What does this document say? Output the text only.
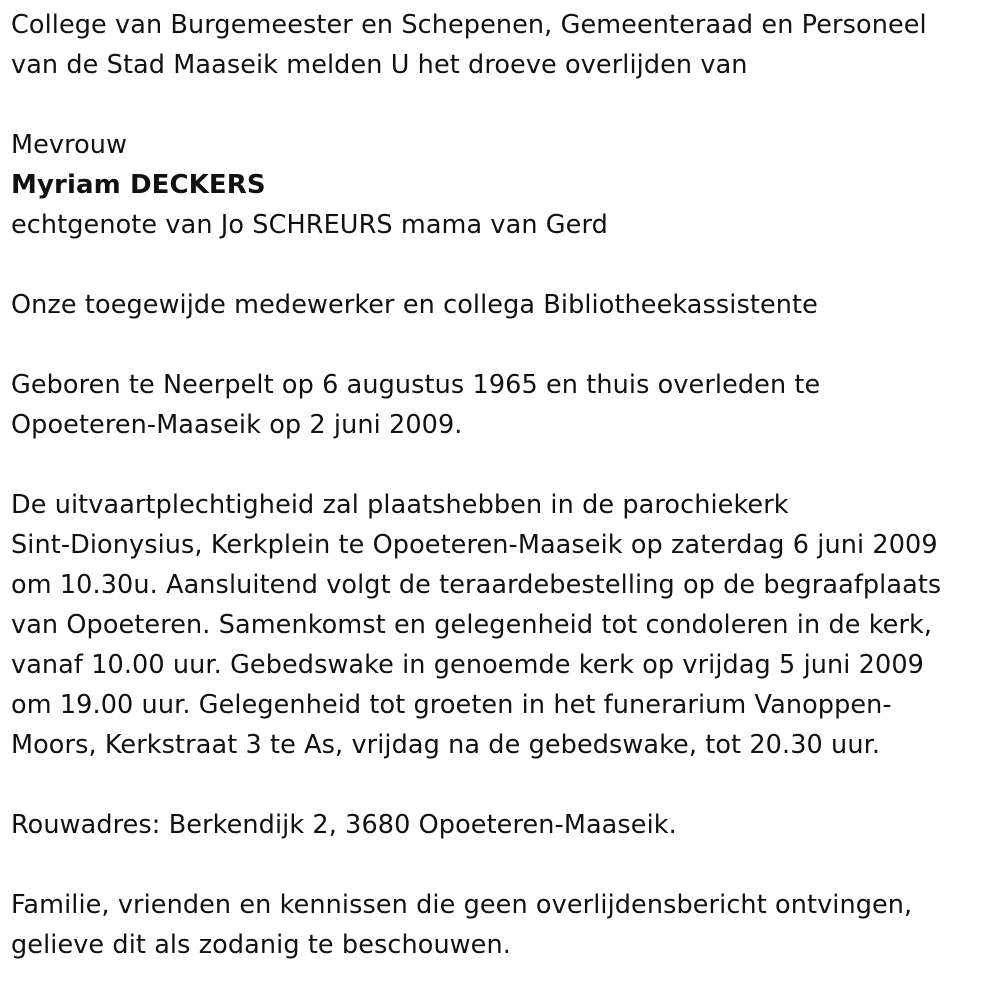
College van Burgemeester en Schepenen, Gemeenteraad en Personeel
van de Stad Maaseik melden U het droeve overlijden van
Mevrouw
Myriam DECKERS
echtgenote van Jo SCHREURS mama van Gerd
Onze toegewijde medewerker en collega Bibliotheekassistente
Geboren te Neerpelt op 6 augustus 1965 en thuis overleden te
Opoeteren-Maaseik op 2 juni 2009.
De uitvaartplechtigheid zal plaatshebben in de parochiekerk
Sint-Dionysius, Kerkplein te Opoeteren-Maaseik op zaterdag 6 juni 2009
om 10.30u. Aansluitend volgt de teraardebestelling op de begraafplaats
van Opoeteren. Samenkomst en gelegenheid tot condoleren in de kerk,
vanaf 10.00 uur. Gebedswake in genoemde kerk op vrijdag 5 juni 2009
om 19.00 uur. Gelegenheid tot groeten in het funerarium Vanoppen-
Moors, Kerkstraat 3 te As, vrijdag na de gebedswake, tot 20.30 uur.
Rouwadres: Berkendijk 2, 3680 Opoeteren-Maaseik.
Familie, vrienden en kennissen die geen overlijdensbericht ontvingen,
gelieve dit als zodanig te beschouwen.
